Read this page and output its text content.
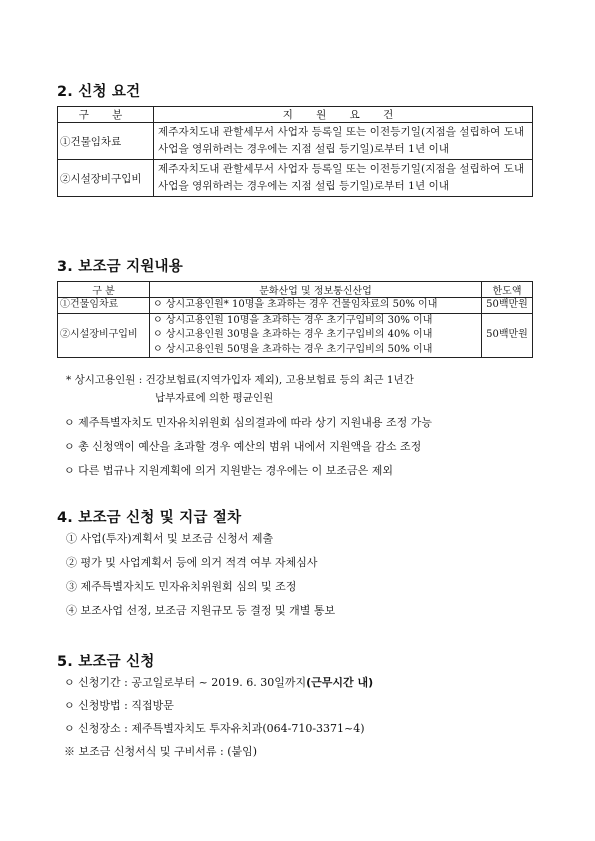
2. 신청 요건
구 분	지 원 요 건
①건물임차료	제주자치도내 관할세무서 사업자 등록일 또는 이전등기일(지점을 설립하여 도내 사업을 영위하려는 경우에는 지점 설립 등기일)로부터 1년 이내
②시설장비구입비	제주자치도내 관할세무서 사업자 등록일 또는 이전등기일(지점을 설립하여 도내 사업을 영위하려는 경우에는 지점 설립 등기일)로부터 1년 이내
3. 보조금 지원내용
구 분	문화산업 및 정보통신산업	한도액
①건물임차료	ㅇ 상시고용인원* 10명을 초과하는 경우 건물임차료의 50% 이내	50백만원
②시설장비구입비	ㅇ 상시고용인원 10명을 초과하는 경우 초기구입비의 30% 이내
ㅇ 상시고용인원 30명을 초과하는 경우 초기구입비의 40% 이내
ㅇ 상시고용인원 50명을 초과하는 경우 초기구입비의 50% 이내	50백만원
* 상시고용인원 : 건강보험료(지역가입자 제외), 고용보험료 등의 최근 1년간
납부자료에 의한 평균인원
ㅇ 제주특별자치도 민자유치위원회 심의결과에 따라 상기 지원내용 조정 가능
ㅇ 총 신청액이 예산을 초과할 경우 예산의 범위 내에서 지원액을 감소 조정
ㅇ 다른 법규나 지원계획에 의거 지원받는 경우에는 이 보조금은 제외
4. 보조금 신청 및 지급 절차
① 사업(투자)계획서 및 보조금 신청서 제출
② 평가 및 사업계획서 등에 의거 적격 여부 자체심사
③ 제주특별자치도 민자유치위원회 심의 및 조정
④ 보조사업 선정, 보조금 지원규모 등 결정 및 개별 통보
5. 보조금 신청
ㅇ 신청기간 : 공고일로부터 ~ 2019. 6. 30일까지(근무시간 내)
ㅇ 신청방법 : 직접방문
ㅇ 신청장소 : 제주특별자치도 투자유치과(064-710-3371~4)
※ 보조금 신청서식 및 구비서류 : (붙임)
